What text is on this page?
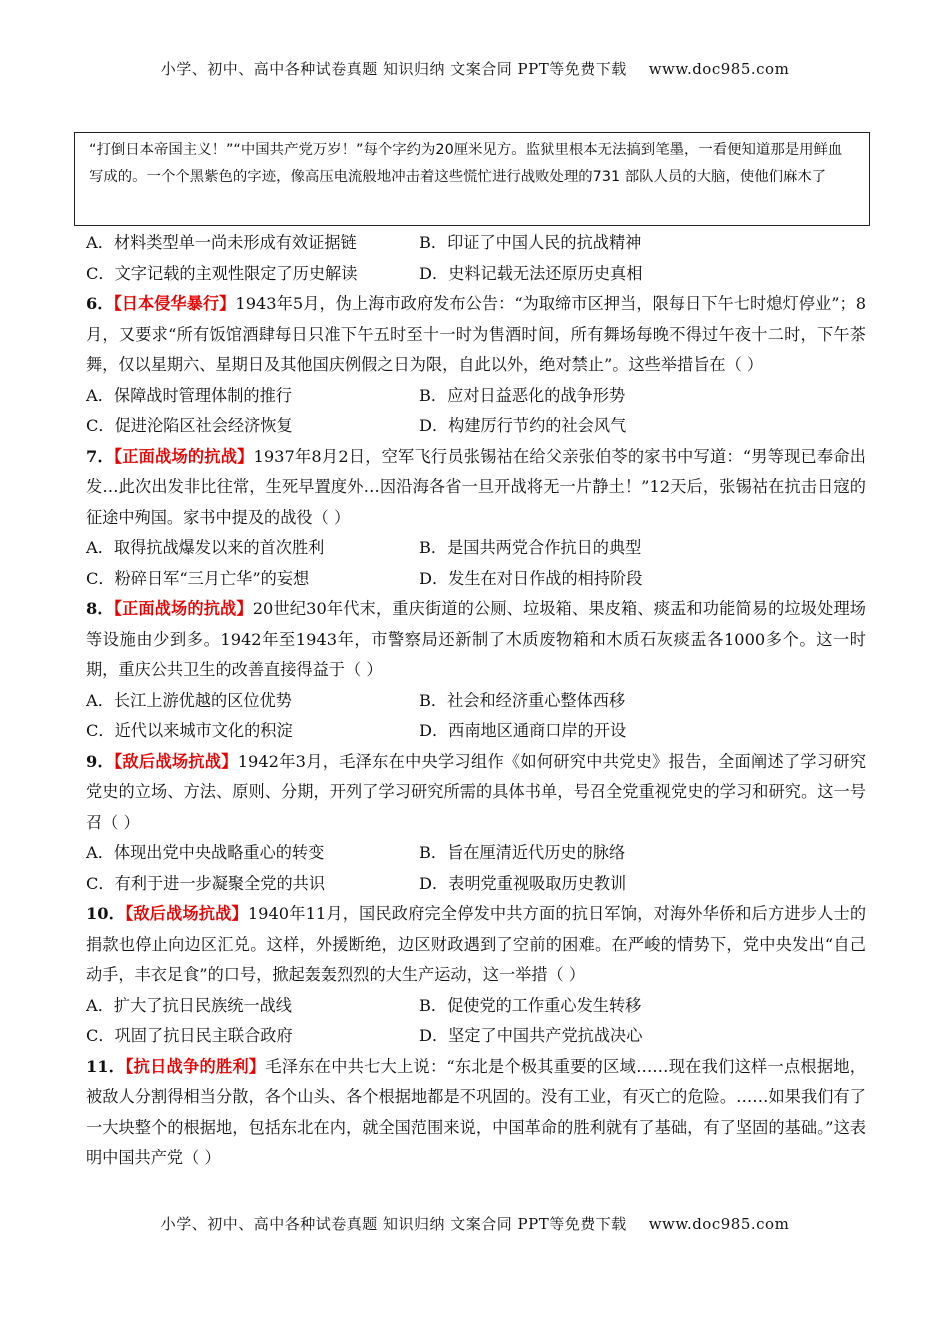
小学、初中、高中各种试卷真题 知识归纳 文案合同 PPT等免费下载 www.doc985.com
“打倒日本帝国主义！”“中国共产党万岁！”每个字约为20厘米见方。监狱里根本无法搞到笔墨，一看便知道那是用鲜血写成的。一个个黑紫色的字迹，像高压电流般地冲击着这些慌忙进行战败处理的731 部队人员的大脑，使他们麻木了
A．材料类型单一尚未形成有效证据链	B．印证了中国人民的抗战精神
C．文字记载的主观性限定了历史解读	D．史料记载无法还原历史真相
6．【日本侵华暴行】1943年5月，伪上海市政府发布公告：“为取缔市区押当，限每日下午七时熄灯停业”；8月，又要求“所有饭馆酒肆每日只准下午五时至十一时为售酒时间，所有舞场每晚不得过午夜十二时，下午茶舞，仅以星期六、星期日及其他国庆例假之日为限，自此以外，绝对禁止”。这些举措旨在（ ）
A．保障战时管理体制的推行	B．应对日益恶化的战争形势
C．促进沦陷区社会经济恢复	D．构建厉行节约的社会风气
7．【正面战场的抗战】1937年8月2日，空军飞行员张锡祜在给父亲张伯苓的家书中写道：“男等现已奉命出发…此次出发非比往常，生死早置度外…因沿海各省一旦开战将无一片静土！”12天后，张锡祜在抗击日寇的征途中殉国。家书中提及的战役（ ）
A．取得抗战爆发以来的首次胜利	B．是国共两党合作抗日的典型
C．粉碎日军“三月亡华”的妄想	D．发生在对日作战的相持阶段
8．【正面战场的抗战】20世纪30年代末，重庆街道的公厕、垃圾箱、果皮箱、痰盂和功能简易的垃圾处理场等设施由少到多。1942年至1943年，市警察局还新制了木质废物箱和木质石灰痰盂各1000多个。这一时期，重庆公共卫生的改善直接得益于（ ）
A．长江上游优越的区位优势	B．社会和经济重心整体西移
C．近代以来城市文化的积淀	D．西南地区通商口岸的开设
9．【敌后战场抗战】1942年3月，毛泽东在中央学习组作《如何研究中共党史》报告，全面阐述了学习研究党史的立场、方法、原则、分期，开列了学习研究所需的具体书单，号召全党重视党史的学习和研究。这一号召（ ）
A．体现出党中央战略重心的转变	B．旨在厘清近代历史的脉络
C．有利于进一步凝聚全党的共识	D．表明党重视吸取历史教训
10．【敌后战场抗战】1940年11月，国民政府完全停发中共方面的抗日军饷，对海外华侨和后方进步人士的捐款也停止向边区汇兑。这样，外援断绝，边区财政遇到了空前的困难。在严峻的情势下，党中央发出“自己动手，丰衣足食”的口号，掀起轰轰烈烈的大生产运动，这一举措（ ）
A．扩大了抗日民族统一战线	B．促使党的工作重心发生转移
C．巩固了抗日民主联合政府	D．坚定了中国共产党抗战决心
11．【抗日战争的胜利】毛泽东在中共七大上说：“东北是个极其重要的区域……现在我们这样一点根据地，被敌人分割得相当分散，各个山头、各个根据地都是不巩固的。没有工业，有灭亡的危险。……如果我们有了一大块整个的根据地，包括东北在内，就全国范围来说，中国革命的胜利就有了基础，有了坚固的基础。”这表明中国共产党（ ）
小学、初中、高中各种试卷真题 知识归纳 文案合同 PPT等免费下载 www.doc985.com
